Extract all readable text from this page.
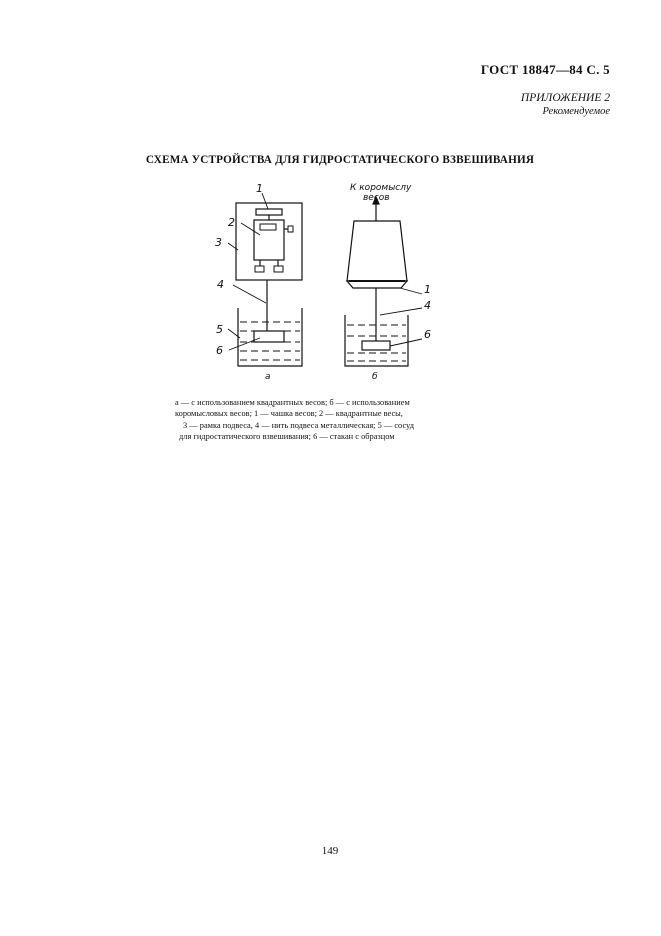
ГОСТ 18847—84 С. 5
ПРИЛОЖЕНИЕ 2
Рекомендуемое
СХЕМА УСТРОЙСТВА ДЛЯ ГИДРОСТАТИЧЕСКОГО ВЗВЕШИВАНИЯ
1
2
3
4
5
6
а
К коромыслу
весов
1
4
6
б
а — с использованием квадрантных весов; б — с использованием
коромысловых весов; 1 — чашка весов; 2 — квадрантные весы,
3 — рамка подвеса, 4 — нить подвеса металлическая; 5 — сосуд
для гидростатического взвешивания; 6 — стакан с образцом
149
